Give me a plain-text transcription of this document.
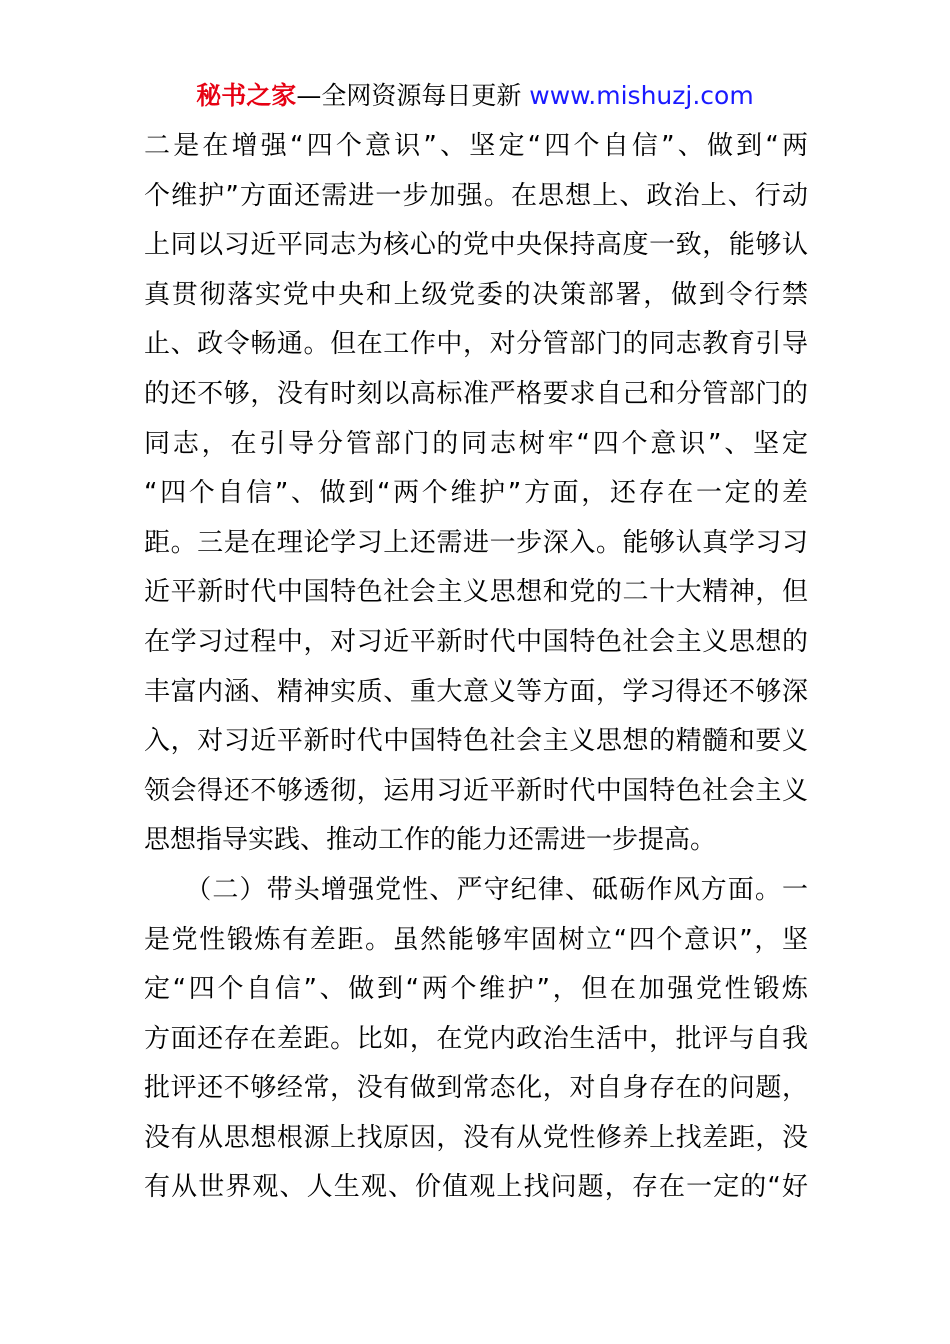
秘书之家—全网资源每日更新 www.mishuzj.com
二是在增强“四个意识”、坚定“四个自信”、做到“两
个维护”方面还需进一步加强。在思想上、政治上、行动
上同以习近平同志为核心的党中央保持高度一致，能够认
真贯彻落实党中央和上级党委的决策部署，做到令行禁
止、政令畅通。但在工作中，对分管部门的同志教育引导
的还不够，没有时刻以高标准严格要求自己和分管部门的
同志，在引导分管部门的同志树牢“四个意识”、坚定
“四个自信”、做到“两个维护”方面，还存在一定的差
距。三是在理论学习上还需进一步深入。能够认真学习习
近平新时代中国特色社会主义思想和党的二十大精神，但
在学习过程中，对习近平新时代中国特色社会主义思想的
丰富内涵、精神实质、重大意义等方面，学习得还不够深
入，对习近平新时代中国特色社会主义思想的精髓和要义
领会得还不够透彻，运用习近平新时代中国特色社会主义
思想指导实践、推动工作的能力还需进一步提高。
　　（二）带头增强党性、严守纪律、砥砺作风方面。一
是党性锻炼有差距。虽然能够牢固树立“四个意识”，坚
定“四个自信”、做到“两个维护”，但在加强党性锻炼
方面还存在差距。比如，在党内政治生活中，批评与自我
批评还不够经常，没有做到常态化，对自身存在的问题，
没有从思想根源上找原因，没有从党性修养上找差距，没
有从世界观、人生观、价值观上找问题，存在一定的“好
